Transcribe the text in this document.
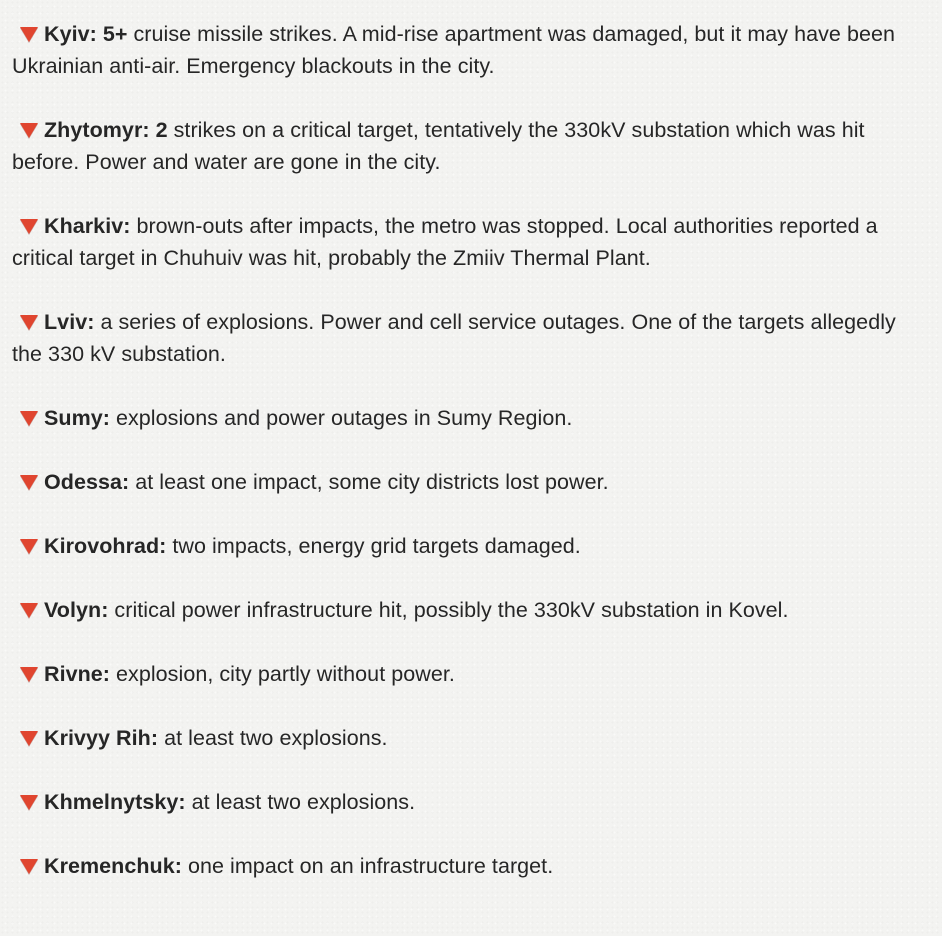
Kyiv: 5+ cruise missile strikes. A mid-rise apartment was damaged, but it may have been Ukrainian anti-air. Emergency blackouts in the city.

Zhytomyr: 2 strikes on a critical target, tentatively the 330kV substation which was hit before. Power and water are gone in the city.

Kharkiv: brown-outs after impacts, the metro was stopped. Local authorities reported a critical target in Chuhuiv was hit, probably the Zmiiv Thermal Plant.

Lviv: a series of explosions. Power and cell service outages. One of the targets allegedly the 330 kV substation.

Sumy: explosions and power outages in Sumy Region.

Odessa: at least one impact, some city districts lost power.

Kirovohrad: two impacts, energy grid targets damaged.

Volyn: critical power infrastructure hit, possibly the 330kV substation in Kovel.

Rivne: explosion, city partly without power.

Krivyy Rih: at least two explosions.

Khmelnytsky: at least two explosions.

Kremenchuk: one impact on an infrastructure target.
